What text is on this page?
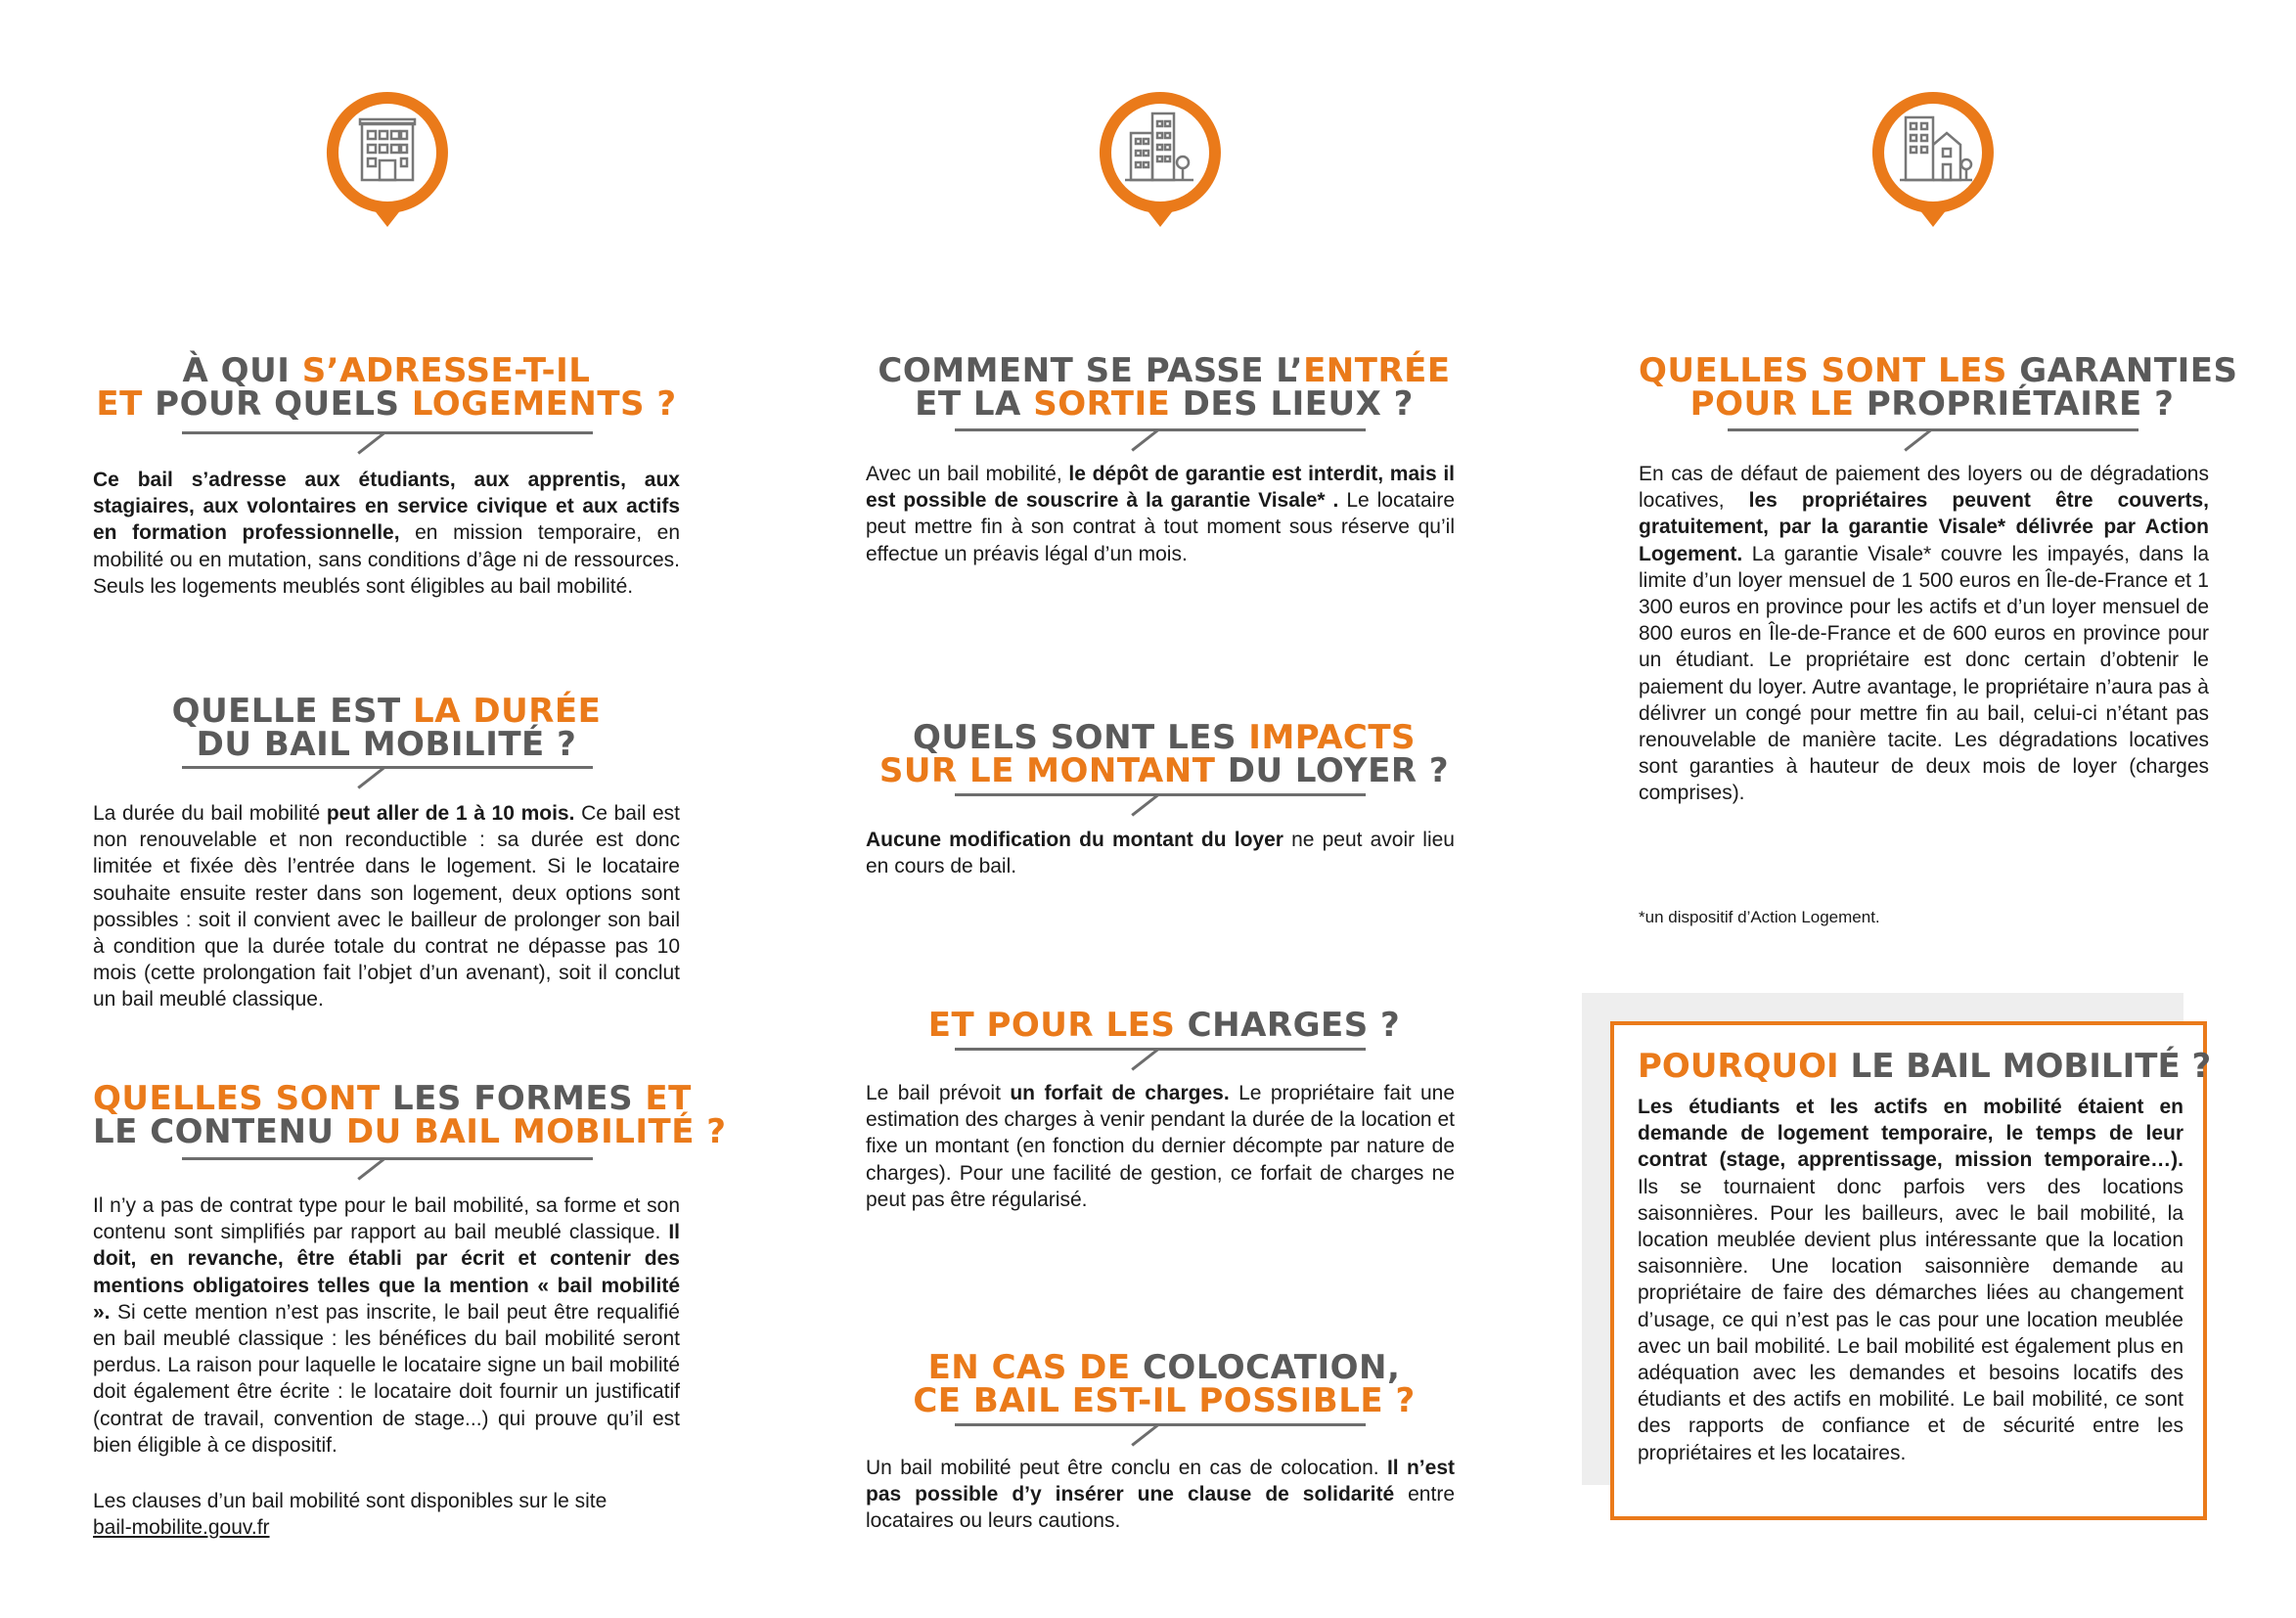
À QUI S’ADRESSE-T-IL
ET POUR QUELS LOGEMENTS ?
Ce bail s’adresse aux étudiants, aux apprentis, aux stagiaires, aux volontaires en service civique et aux actifs en formation professionnelle, en mission temporaire, en mobilité ou en mutation, sans conditions d’âge ni de ressources. Seuls les logements meublés sont éligibles au bail mobilité.
QUELLE EST LA DURÉE
DU BAIL MOBILITÉ ?
La durée du bail mobilité peut aller de 1 à 10 mois. Ce bail est non renouvelable et non reconductible : sa durée est donc limitée et fixée dès l’entrée dans le logement. Si le locataire souhaite ensuite rester dans son logement, deux options sont possibles : soit il convient avec le bailleur de prolonger son bail à condition que la durée totale du contrat ne dépasse pas 10 mois (cette prolongation fait l’objet d’un avenant), soit il conclut un bail meublé classique.
QUELLES SONT LES FORMES ET
LE CONTENU DU BAIL MOBILITÉ ?
Il n’y a pas de contrat type pour le bail mobilité, sa forme et son contenu sont simplifiés par rapport au bail meublé classique. Il doit, en revanche, être établi par écrit et contenir des mentions obligatoires telles que la mention « bail mobilité ». Si cette mention n’est pas inscrite, le bail peut être requalifié en bail meublé classique : les bénéfices du bail mobilité seront perdus. La raison pour laquelle le locataire signe un bail mobilité doit également être écrite : le locataire doit fournir un justificatif (contrat de travail, convention de stage...) qui prouve qu’il est bien éligible à ce dispositif.
Les clauses d’un bail mobilité sont disponibles sur le site
bail-mobilite.gouv.fr
COMMENT SE PASSE L’ENTRÉE
ET LA SORTIE DES LIEUX ?
Avec un bail mobilité, le dépôt de garantie est interdit, mais il est possible de souscrire à la garantie Visale* . Le locataire peut mettre fin à son contrat à tout moment sous réserve qu’il effectue un préavis légal d’un mois.
QUELS SONT LES IMPACTS
SUR LE MONTANT DU LOYER ?
Aucune modification du montant du loyer ne peut avoir lieu en cours de bail.
ET POUR LES CHARGES ?
Le bail prévoit un forfait de charges. Le propriétaire fait une estimation des charges à venir pendant la durée de la location et fixe un montant (en fonction du dernier décompte par nature de charges). Pour une facilité de gestion, ce forfait de charges ne peut pas être régularisé.
EN CAS DE COLOCATION,
CE BAIL EST-IL POSSIBLE ?
Un bail mobilité peut être conclu en cas de colocation. Il n’est pas possible d’y insérer une clause de solidarité entre locataires ou leurs cautions.
QUELLES SONT LES GARANTIES
POUR LE PROPRIÉTAIRE ?
En cas de défaut de paiement des loyers ou de dégradations locatives, les propriétaires peuvent être couverts, gratuitement, par la garantie Visale* délivrée par Action Logement. La garantie Visale* couvre les impayés, dans la limite d’un loyer mensuel de 1 500 euros en Île-de-France et 1 300 euros en province pour les actifs et d’un loyer mensuel de 800 euros en Île-de-France et de 600 euros en province pour un étudiant. Le propriétaire est donc certain d’obtenir le paiement du loyer. Autre avantage, le propriétaire n’aura pas à délivrer un congé pour mettre fin au bail, celui-ci n’étant pas renouvelable de manière tacite. Les dégradations locatives sont garanties à hauteur de deux mois de loyer (charges comprises).
*un dispositif d’Action Logement.
POURQUOI LE BAIL MOBILITÉ ?
Les étudiants et les actifs en mobilité étaient en demande de logement temporaire, le temps de leur contrat (stage, apprentissage, mission temporaire…). Ils se tournaient donc parfois vers des locations saisonnières. Pour les bailleurs, avec le bail mobilité, la location meublée devient plus intéressante que la location saisonnière. Une location saisonnière demande au propriétaire de faire des démarches liées au changement d’usage, ce qui n’est pas le cas pour une location meublée avec un bail mobilité. Le bail mobilité est également plus en adéquation avec les demandes et besoins locatifs des étudiants et des actifs en mobilité. Le bail mobilité, ce sont des rapports de confiance et de sécurité entre les propriétaires et les locataires.
